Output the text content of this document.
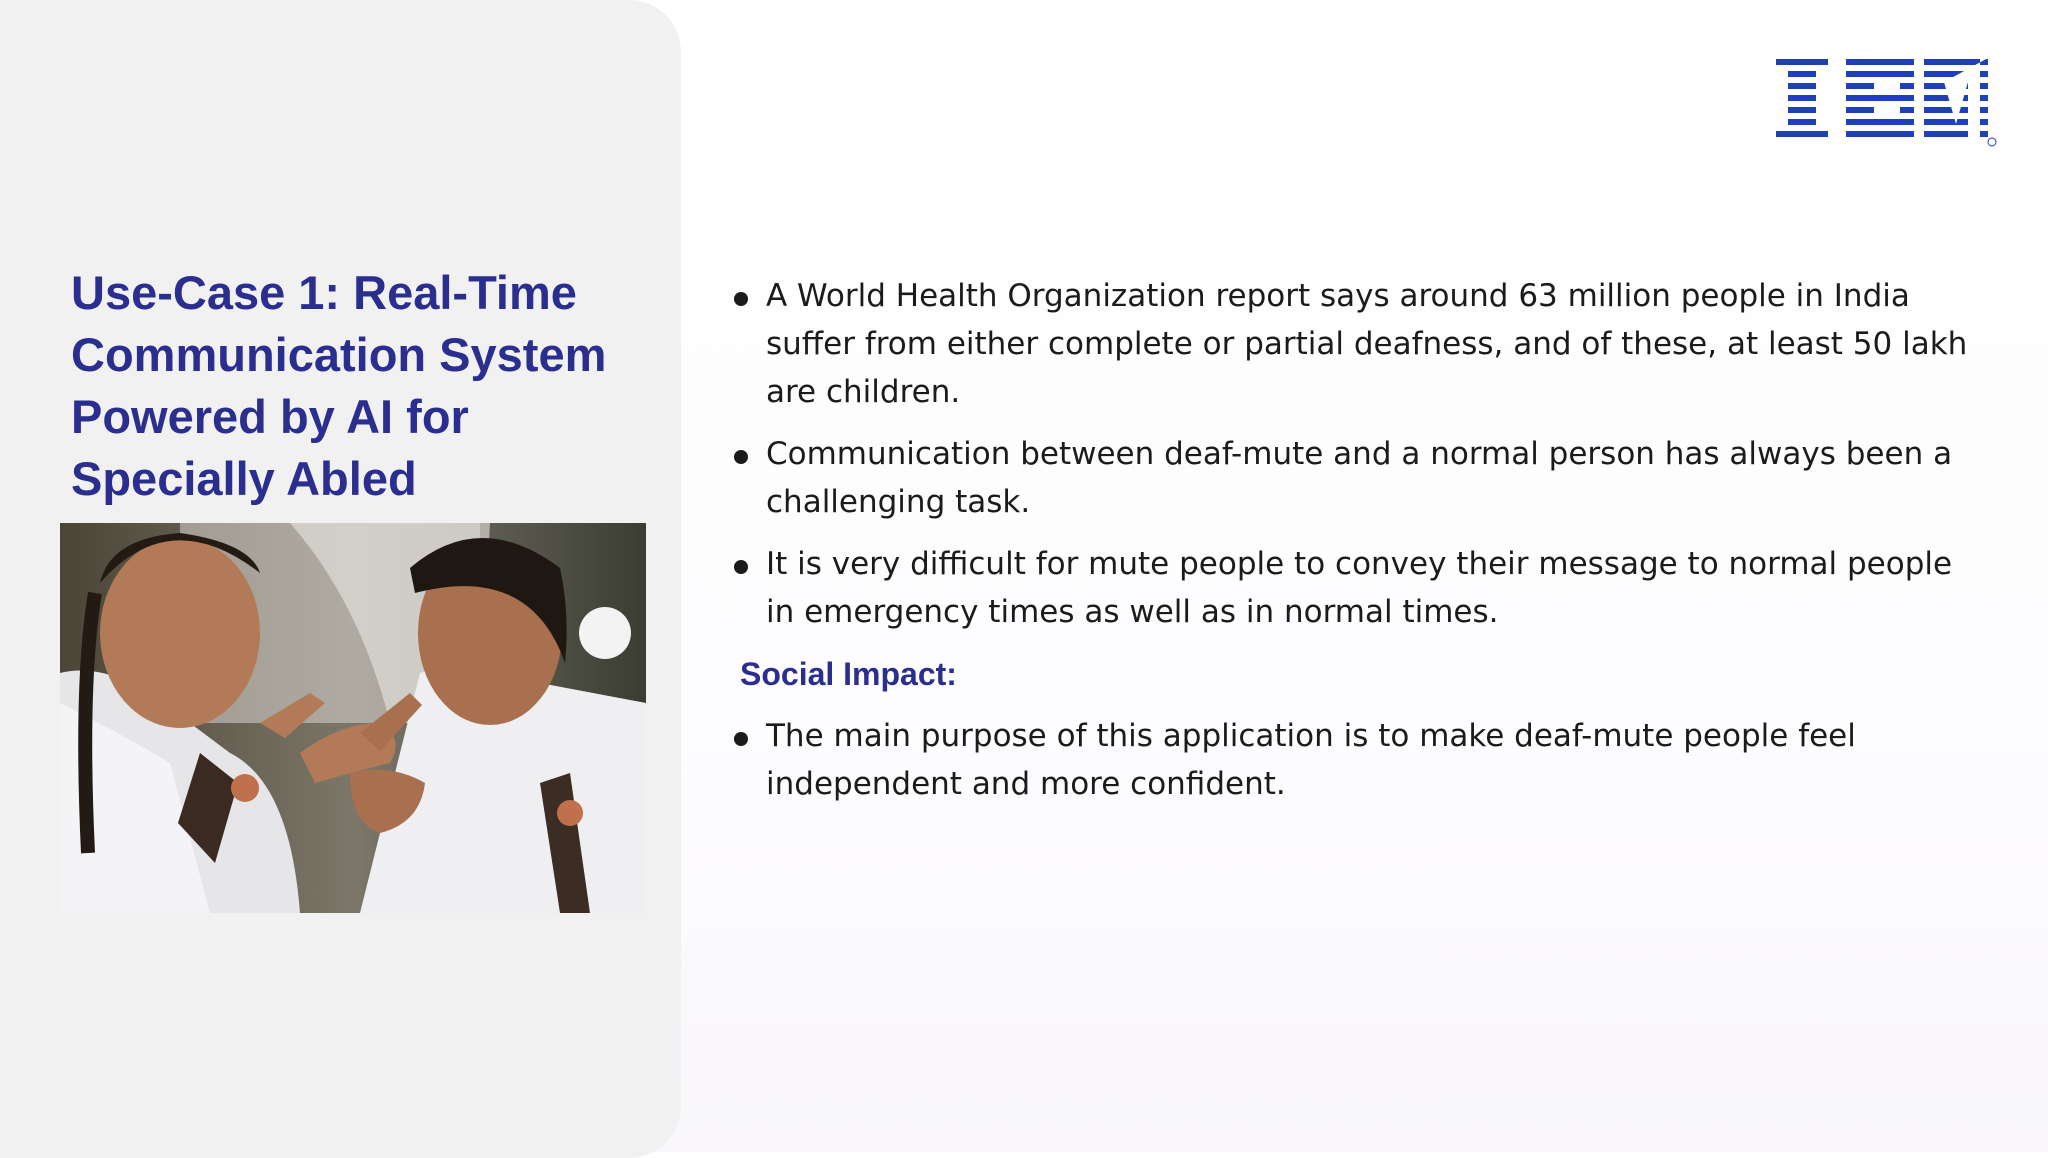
Use-Case 1: Real-Time
Communication System
Powered by AI for
Specially Abled
A World Health Organization report says around 63 million people in India suffer from either complete or partial deafness, and of these, at least 50 lakh are children.
Communication between deaf-mute and a normal person has always been a challenging task.
It is very difficult for mute people to convey their message to normal people in emergency times as well as in normal times.
Social Impact:
The main purpose of this application is to make deaf-mute people feel independent and more confident.
